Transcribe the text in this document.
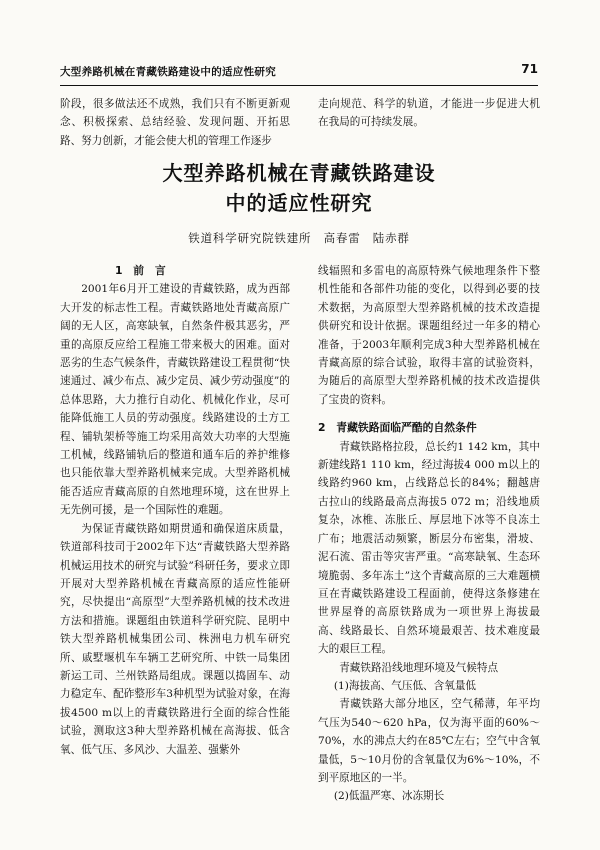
大型养路机械在青藏铁路建设中的适应性研究	71

阶段，很多做法还不成熟，我们只有不断更新观念、积极探索、总结经验、发现问题、开拓思路、努力创新，才能会使大机的管理工作逐步

走向规范、科学的轨道，才能进一步促进大机在我局的可持续发展。

大型养路机械在青藏铁路建设
中的适应性研究
铁道科学研究院铁建所　高春雷　陆赤群

1　前　言

2001年6月开工建设的青藏铁路，成为西部大开发的标志性工程。青藏铁路地处青藏高原广阔的无人区，高寒缺氧，自然条件极其恶劣，严重的高原反应给工程施工带来极大的困难。面对恶劣的生态气候条件，青藏铁路建设工程贯彻“快速通过、减少布点、减少定员、减少劳动强度”的总体思路，大力推行自动化、机械化作业，尽可能降低施工人员的劳动强度。线路建设的土方工程、铺轨架桥等施工均采用高效大功率的大型施工机械，线路铺轨后的整道和通车后的养护维修也只能依靠大型养路机械来完成。大型养路机械能否适应青藏高原的自然地理环境，这在世界上无先例可援，是一个国际性的难题。

为保证青藏铁路如期贯通和确保道床质量，铁道部科技司于2002年下达“青藏铁路大型养路机械运用技术的研究与试验”科研任务，要求立即开展对大型养路机械在青藏高原的适应性能研究，尽快提出“高原型”大型养路机械的技术改进方法和措施。课题组由铁道科学研究院、昆明中铁大型养路机械集团公司、株洲电力机车研究所、戚墅堰机车车辆工艺研究所、中铁一局集团新运工司、兰州铁路局组成。课题以捣固车、动力稳定车、配砟整形车3种机型为试验对象，在海拔4500 m以上的青藏铁路进行全面的综合性能试验，测取这3种大型养路机械在高海拔、低含氧、低气压、多风沙、大温差、强紫外

线辐照和多雷电的高原特殊气候地理条件下整机性能和各部件功能的变化，以得到必要的技术数据，为高原型大型养路机械的技术改造提供研究和设计依据。课题组经过一年多的精心准备，于2003年顺利完成3种大型养路机械在青藏高原的综合试验，取得丰富的试验资料，为随后的高原型大型养路机械的技术改造提供了宝贵的资料。

2　青藏铁路面临严酷的自然条件

青藏铁路格拉段，总长约1 142 km，其中新建线路1 110 km，经过海拔4 000 m以上的线路约960 km，占线路总长的84%；翻越唐古拉山的线路最高点海拔5 072 m；沿线地质复杂，冰椎、冻胀丘、厚层地下冰等不良冻土广布；地震活动频繁，断层分布密集，滑坡、泥石流、雷击等灾害严重。“高寒缺氧、生态环境脆弱、多年冻土”这个青藏高原的三大难题横亘在青藏铁路建设工程面前，使得这条修建在世界屋脊的高原铁路成为一项世界上海拔最高、线路最长、自然环境最艰苦、技术难度最大的艰巨工程。

青藏铁路沿线地理环境及气候特点

(1)海拔高、气压低、含氧量低

青藏铁路大部分地区，空气稀薄，年平均气压为540～620 hPa，仅为海平面的60%～70%，水的沸点大约在85℃左右；空气中含氧量低，5～10月份的含氧量仅为6%～10%，不到平原地区的一半。

(2)低温严寒、冰冻期长
